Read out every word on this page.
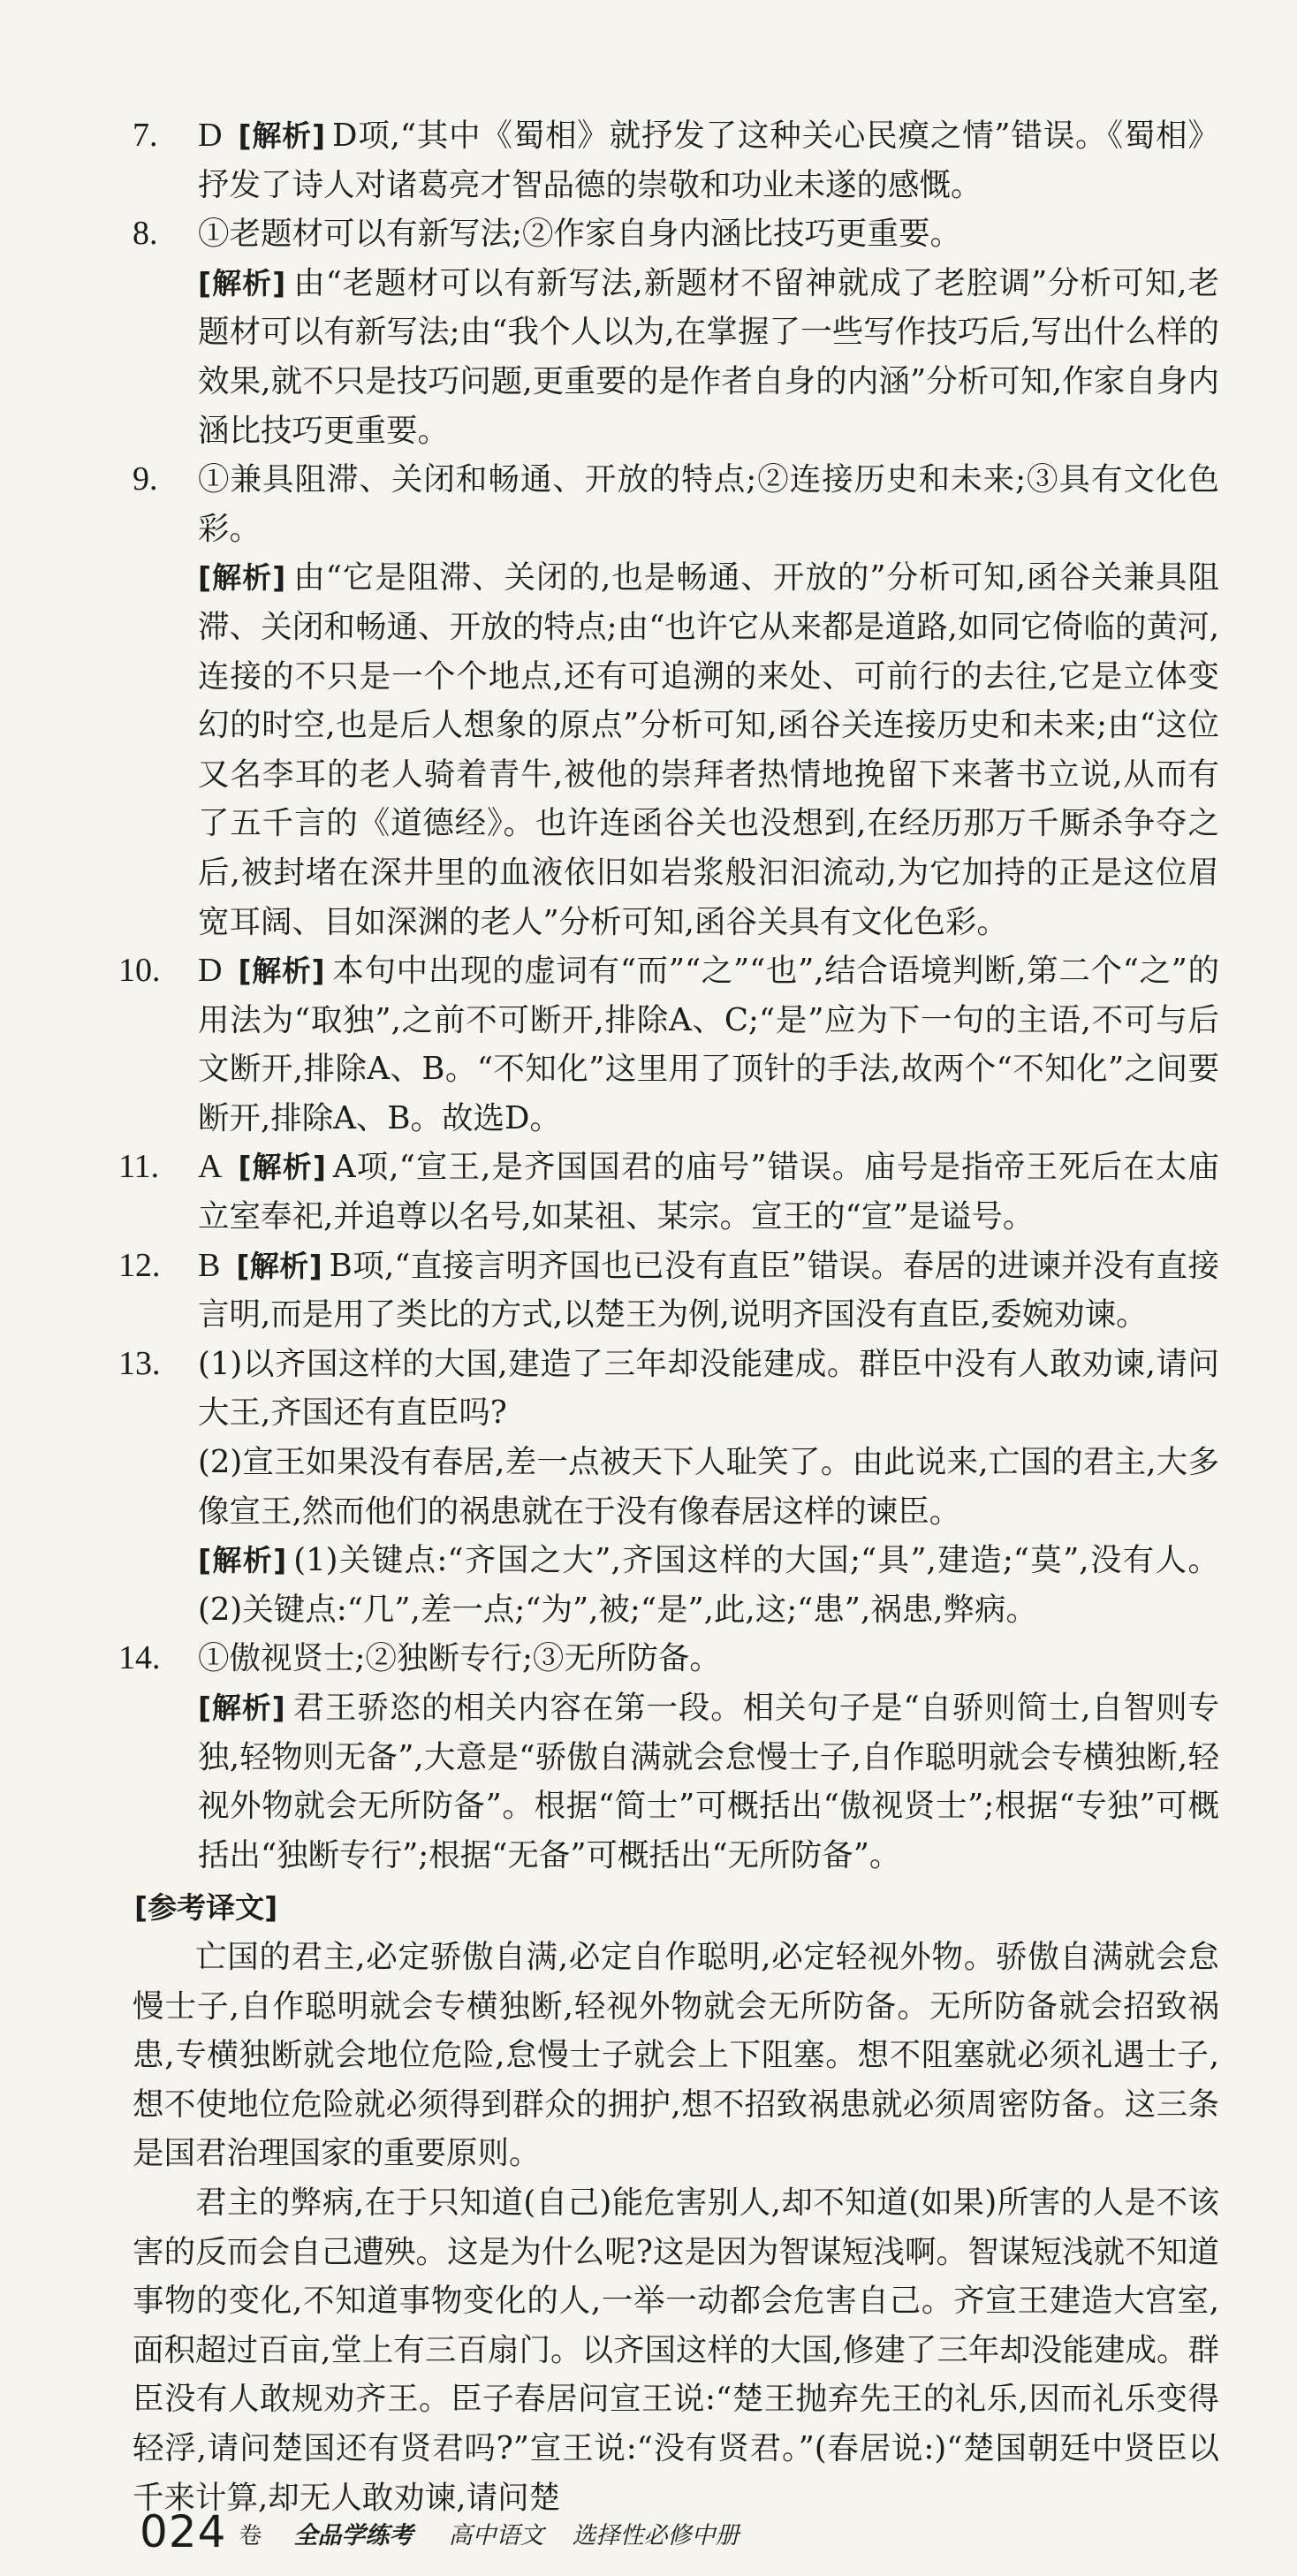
7. D [解析] D项,“其中《蜀相》就抒发了这种关心民瘼之情”错误。《蜀相》抒发了诗人对诸葛亮才智品德的崇敬和功业未遂的感慨。
8. ①老题材可以有新写法;②作家自身内涵比技巧更重要。
[解析] 由“老题材可以有新写法,新题材不留神就成了老腔调”分析可知,老题材可以有新写法;由“我个人以为,在掌握了一些写作技巧后,写出什么样的效果,就不只是技巧问题,更重要的是作者自身的内涵”分析可知,作家自身内涵比技巧更重要。
9. ①兼具阻滞、关闭和畅通、开放的特点;②连接历史和未来;③具有文化色彩。
[解析] 由“它是阻滞、关闭的,也是畅通、开放的”分析可知,函谷关兼具阻滞、关闭和畅通、开放的特点;由“也许它从来都是道路,如同它倚临的黄河,连接的不只是一个个地点,还有可追溯的来处、可前行的去往,它是立体变幻的时空,也是后人想象的原点”分析可知,函谷关连接历史和未来;由“这位又名李耳的老人骑着青牛,被他的崇拜者热情地挽留下来著书立说,从而有了五千言的《道德经》。也许连函谷关也没想到,在经历那万千厮杀争夺之后,被封堵在深井里的血液依旧如岩浆般汩汩流动,为它加持的正是这位眉宽耳阔、目如深渊的老人”分析可知,函谷关具有文化色彩。
10. D [解析] 本句中出现的虚词有“而”“之”“也”,结合语境判断,第二个“之”的用法为“取独”,之前不可断开,排除A、C;“是”应为下一句的主语,不可与后文断开,排除A、B。“不知化”这里用了顶针的手法,故两个“不知化”之间要断开,排除A、B。故选D。
11. A [解析] A项,“宣王,是齐国国君的庙号”错误。庙号是指帝王死后在太庙立室奉祀,并追尊以名号,如某祖、某宗。宣王的“宣”是谥号。
12. B [解析] B项,“直接言明齐国也已没有直臣”错误。春居的进谏并没有直接言明,而是用了类比的方式,以楚王为例,说明齐国没有直臣,委婉劝谏。
13. (1)以齐国这样的大国,建造了三年却没能建成。群臣中没有人敢劝谏,请问大王,齐国还有直臣吗?
(2)宣王如果没有春居,差一点被天下人耻笑了。由此说来,亡国的君主,大多像宣王,然而他们的祸患就在于没有像春居这样的谏臣。
[解析] (1)关键点:“齐国之大”,齐国这样的大国;“具”,建造;“莫”,没有人。(2)关键点:“几”,差一点;“为”,被;“是”,此,这;“患”,祸患,弊病。
14. ①傲视贤士;②独断专行;③无所防备。
[解析] 君王骄恣的相关内容在第一段。相关句子是“自骄则简士,自智则专独,轻物则无备”,大意是“骄傲自满就会怠慢士子,自作聪明就会专横独断,轻视外物就会无所防备”。根据“简士”可概括出“傲视贤士”;根据“专独”可概括出“独断专行”;根据“无备”可概括出“无所防备”。
[参考译文]
亡国的君主,必定骄傲自满,必定自作聪明,必定轻视外物。骄傲自满就会怠慢士子,自作聪明就会专横独断,轻视外物就会无所防备。无所防备就会招致祸患,专横独断就会地位危险,怠慢士子就会上下阻塞。想不阻塞就必须礼遇士子,想不使地位危险就必须得到群众的拥护,想不招致祸患就必须周密防备。这三条是国君治理国家的重要原则。
君主的弊病,在于只知道(自己)能危害别人,却不知道(如果)所害的人是不该害的反而会自己遭殃。这是为什么呢?这是因为智谋短浅啊。智谋短浅就不知道事物的变化,不知道事物变化的人,一举一动都会危害自己。齐宣王建造大宫室,面积超过百亩,堂上有三百扇门。以齐国这样的大国,修建了三年却没能建成。群臣没有人敢规劝齐王。臣子春居问宣王说:“楚王抛弃先王的礼乐,因而礼乐变得轻浮,请问楚国还有贤君吗?”宣王说:“没有贤君。”(春居说:)“楚国朝廷中贤臣以千来计算,却无人敢劝谏,请问楚
024 卷 全品学练考 高中语文 选择性必修中册
